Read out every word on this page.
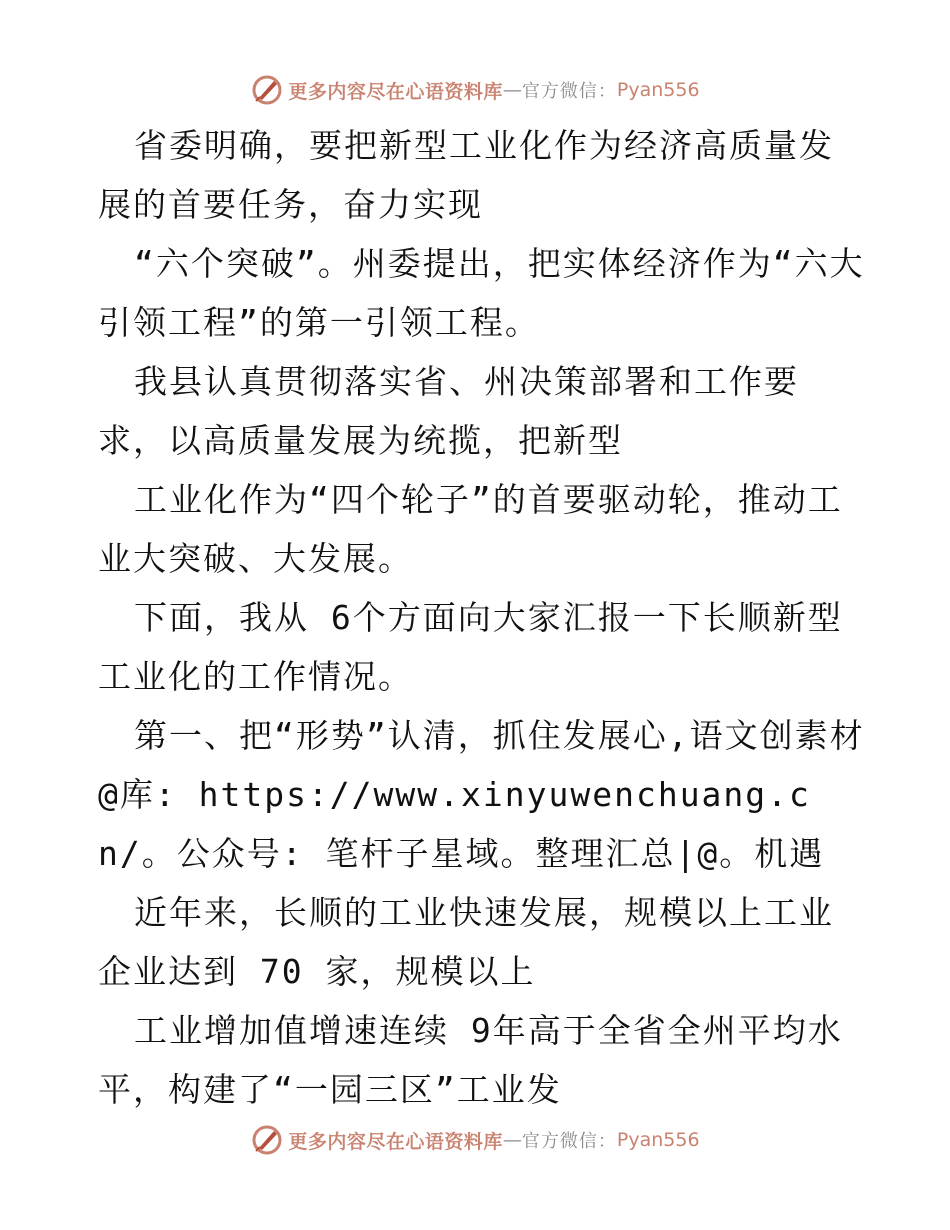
更多内容尽在心语资料库 — 官方微信： Pyan556

省委明确，要把新型工业化作为经济高质量发展的首要任务，奋力实现

“六个突破”。州委提出，把实体经济作为“六大引领工程”的第一引领工程。

我县认真贯彻落实省、州决策部署和工作要求，以高质量发展为统揽，把新型

工业化作为“四个轮子”的首要驱动轮，推动工业大突破、大发展。

下面，我从 6个方面向大家汇报一下长顺新型工业化的工作情况。

第一、把“形势”认清，抓住发展心,语文创素材@库: https://www.xinyuwenchuang.cn/。公众号: 笔杆子星域。整理汇总|@。机遇

近年来，长顺的工业快速发展，规模以上工业企业达到 70 家，规模以上

工业增加值增速连续 9年高于全省全州平均水平，构建了“一园三区”工业发

更多内容尽在心语资料库 — 官方微信： Pyan556
